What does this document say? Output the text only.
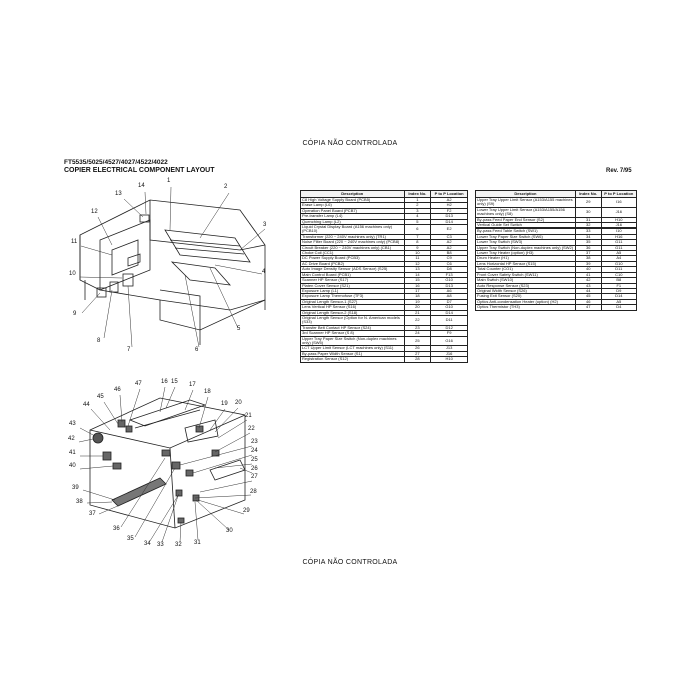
CÓPIA NÃO CONTROLADA
FT5535/5025/4527/4027/4522/4022
COPIER ELECTRICAL COMPONENT LAYOUT	Rev. 7/95
14
1
13
2
12
3
11
4
10
5
9
8
7	6
47	15
16	17
46
45
18
44	19 20
43
21
22
42	23
41	24
25
40	26
39
27
28
38
29
37
30
36
35
34 33 32 31
Description	Index No.	P to P Location
C8 High Voltage Supply Board (PCB5)	1	A2
Erase Lamp (L6)	2	H2
Operation Panel Board (PCB7)	3	F2
Pre-transfer Lamp (L4)	4	D13
Quenching Lamp (L2)	5	D14
Liquid Crystal Display Board (A156 machines only) (PCB10)	6	E2
Transformer (220 ~ 240V machines only) (TR1)	7	C3
Noise Filter Board (220 ~ 240V machines only) (PCB8)	8	A2
Circuit Breaker (220 ~ 240V machines only) (CB1)	9	A2
Choke Coil (CC1)	10	B8
DC Power Supply Board (PCB3)	11	C9
AC Drive Board (PCB2)	12	C6
Auto Image Density Sensor (ADS Sensor) (S25)	13	D8
Main Control Board (PCB1)	14	F13
Scanner HP Sensor (S17)	15	G10
Platen Cover Sensor (S21)	16	D13
Exposure Lamp (L1)	17	A6
Exposure Lamp Thermofuse (TF3)	18	A8
Original Length Sensor-1 (S27)	19	D7
Lens Vertical HP Sensor (S16)	20	G10
Original Length Sensor-2 (S18)	21	D14
Original Length Sensor (Option for N. American models (S33)	22	D11
Transfer Belt Contact HP Sensor (S24)	23	D12
3rd Scanner HP Sensor (S 8)	24	F9
Upper Tray Paper Size Switch (Non-duplex machines only) (SW5)	25	G16
LCT Upper Limit Sensor (LCT machines only) (S11)	26	J13
By-pass Paper Width Sensor (S1)	27	J16
Registration Sensor (S12)	28	H10
Description	Index No.	P to P Location
Upper Tray Upper Limit Sensor (A153/A155 machines only) (S9)	29	I16
Lower Tray Upper Limit Sensor (A153/A155/A156 machines only) (S8)	30	J16
By-pass Feed Paper End Sensor (S2)	31	H10
Vertical Guide Set Switch	32	J16

By-pass Feed Table Switch (SW1)	33	I10
Lower Tray Paper Size Switch (SW6)	34	H16
Lower Tray Switch (SW3)	35	G11
Upper Tray Switch (Non-duplex machines only) (SW2)	36	G11
Lower Tray Heater (option) (H3)	37	A5
Drum Heater (H1)	38	A4
Lens Horizontal HP Sensor (S15)	39	G10
Total Counter (CO1)	40	D11
Front Cover Safety Switch (SW11)	41	C10
Main Switch (SW10)	42	B8
Auto Response Sensor (S23)	43	F1
Original Width Sensor (S26)	44	D9
Fusing Exit Sensor (S20)	45	D14
Optics Anti-condensation Heater (option) (H2)	46	A5
Optics Thermistor (TH3)	47	D4
CÓPIA NÃO CONTROLADA
